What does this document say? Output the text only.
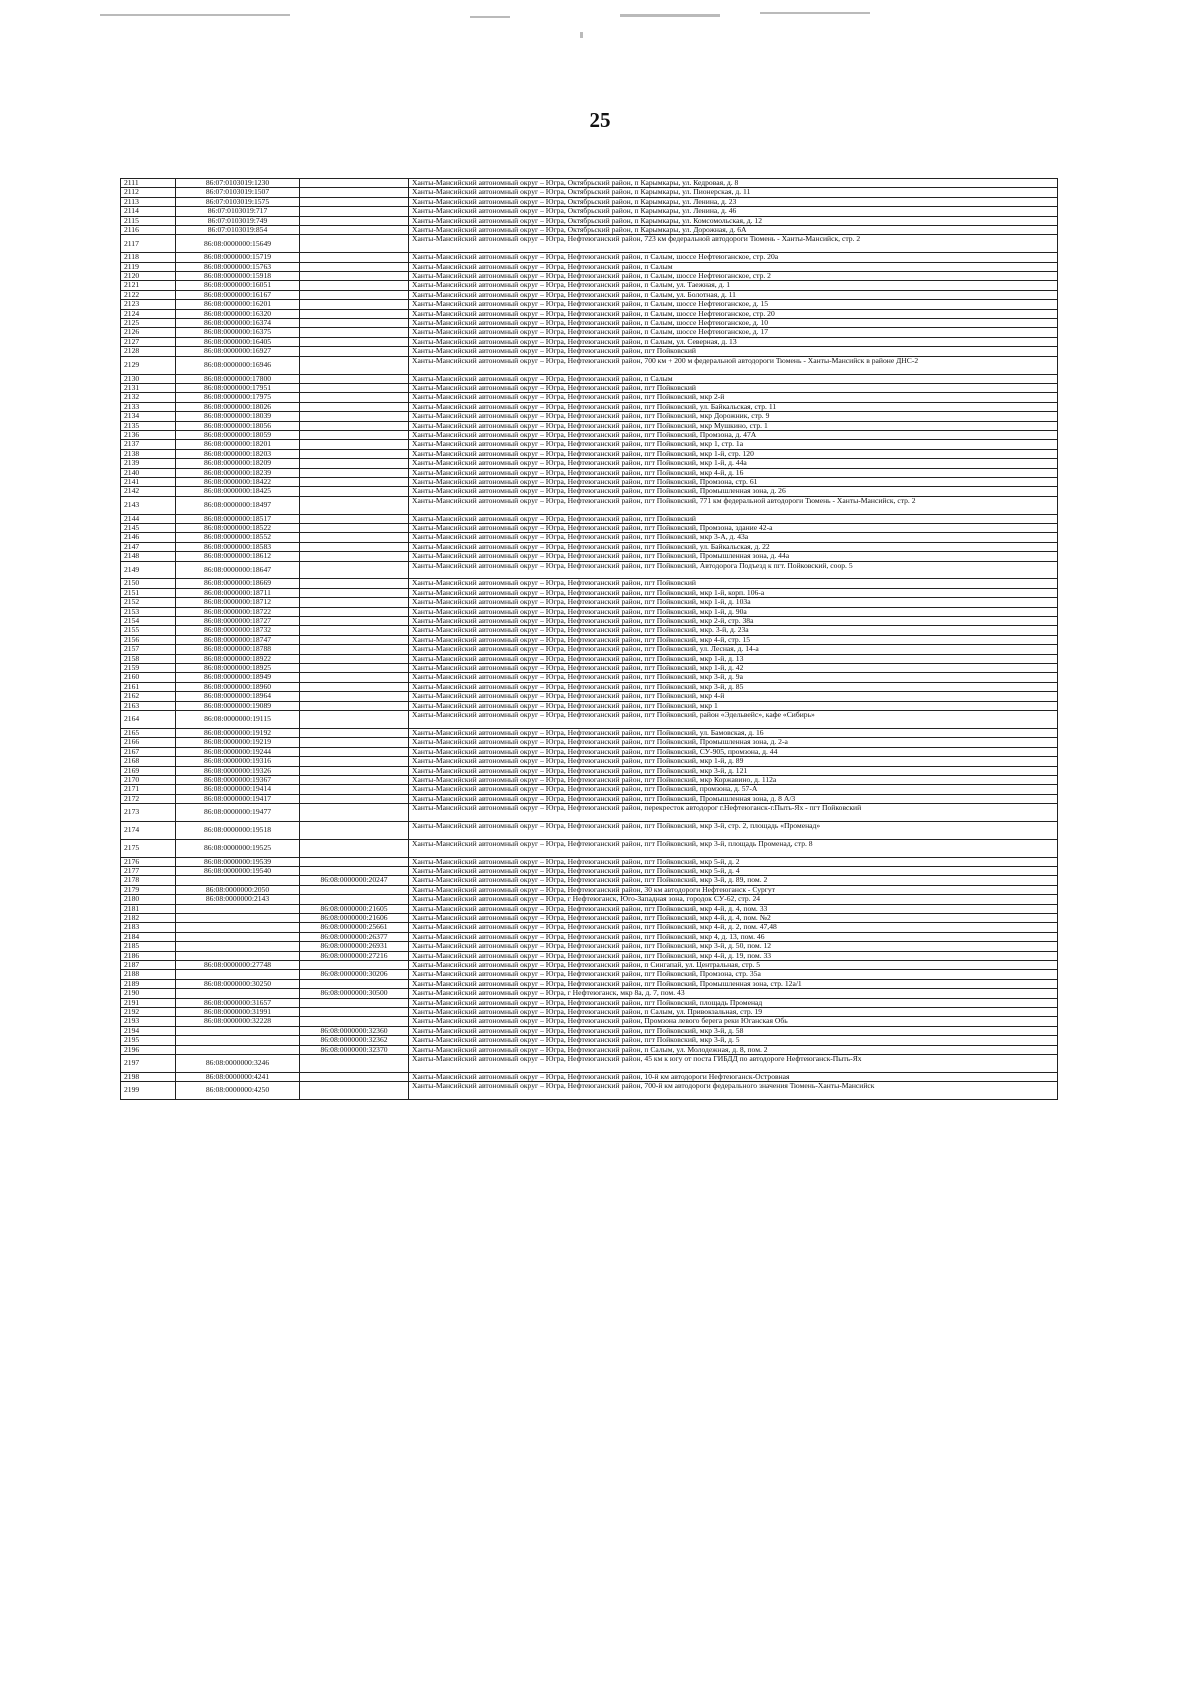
25
2111	86:07:0103019:1230		Ханты-Мансийский автономный округ – Югра, Октябрьский район, п Карымкары, ул. Кедровая, д. 8
2112	86:07:0103019:1507		Ханты-Мансийский автономный округ – Югра, Октябрьский район, п Карымкары, ул. Пионерская, д. 11
2113	86:07:0103019:1575		Ханты-Мансийский автономный округ – Югра, Октябрьский район, п Карымкары, ул. Ленина, д. 23
2114	86:07:0103019:717		Ханты-Мансийский автономный округ – Югра, Октябрьский район, п Карымкары, ул. Ленина, д. 46
2115	86:07:0103019:749		Ханты-Мансийский автономный округ – Югра, Октябрьский район, п Карымкары, ул. Комсомольская, д. 12
2116	86:07:0103019:854		Ханты-Мансийский автономный округ – Югра, Октябрьский район, п Карымкары, ул. Дорожная, д. 6А
2117	86:08:0000000:15649		Ханты-Мансийский автономный округ – Югра, Нефтеюганский район, 723 км федеральной автодороги Тюмень - Ханты-Мансийск, стр. 2
2118	86:08:0000000:15719		Ханты-Мансийский автономный округ – Югра, Нефтеюганский район, п Салым, шоссе Нефтеюганское, стр. 20а
2119	86:08:0000000:15763		Ханты-Мансийский автономный округ – Югра, Нефтеюганский район, п Салым
2120	86:08:0000000:15918		Ханты-Мансийский автономный округ – Югра, Нефтеюганский район, п Салым, шоссе Нефтеюганское, стр. 2
2121	86:08:0000000:16051		Ханты-Мансийский автономный округ – Югра, Нефтеюганский район, п Салым, ул. Таежная, д. 1
2122	86:08:0000000:16167		Ханты-Мансийский автономный округ – Югра, Нефтеюганский район, п Салым, ул. Болотная, д. 11
2123	86:08:0000000:16201		Ханты-Мансийский автономный округ – Югра, Нефтеюганский район, п Салым, шоссе Нефтеюганское, д. 15
2124	86:08:0000000:16320		Ханты-Мансийский автономный округ – Югра, Нефтеюганский район, п Салым, шоссе Нефтеюганское, стр. 20
2125	86:08:0000000:16374		Ханты-Мансийский автономный округ – Югра, Нефтеюганский район, п Салым, шоссе Нефтеюганское, д. 10
2126	86:08:0000000:16375		Ханты-Мансийский автономный округ – Югра, Нефтеюганский район, п Салым, шоссе Нефтеюганское, д. 17
2127	86:08:0000000:16405		Ханты-Мансийский автономный округ – Югра, Нефтеюганский район, п Салым, ул. Северная, д. 13
2128	86:08:0000000:16927		Ханты-Мансийский автономный округ – Югра, Нефтеюганский район, пгт Пойковский
2129	86:08:0000000:16946		Ханты-Мансийский автономный округ – Югра, Нефтеюганский район, 700 км + 200 м федеральной автодороги Тюмень - Ханты-Мансийск в районе ДНС-2
2130	86:08:0000000:17800		Ханты-Мансийский автономный округ – Югра, Нефтеюганский район, п Салым
2131	86:08:0000000:17951		Ханты-Мансийский автономный округ – Югра, Нефтеюганский район, пгт Пойковский
2132	86:08:0000000:17975		Ханты-Мансийский автономный округ – Югра, Нефтеюганский район, пгт Пойковский, мкр 2-й
2133	86:08:0000000:18026		Ханты-Мансийский автономный округ – Югра, Нефтеюганский район, пгт Пойковский, ул. Байкальская, стр. 11
2134	86:08:0000000:18039		Ханты-Мансийский автономный округ – Югра, Нефтеюганский район, пгт Пойковский, мкр Дорожник, стр. 9
2135	86:08:0000000:18056		Ханты-Мансийский автономный округ – Югра, Нефтеюганский район, пгт Пойковский, мкр Мушкино, стр. 1
2136	86:08:0000000:18059		Ханты-Мансийский автономный округ – Югра, Нефтеюганский район, пгт Пойковский, Промзона, д. 47А
2137	86:08:0000000:18201		Ханты-Мансийский автономный округ – Югра, Нефтеюганский район, пгт Пойковский, мкр 1, стр. 1а
2138	86:08:0000000:18203		Ханты-Мансийский автономный округ – Югра, Нефтеюганский район, пгт Пойковский, мкр 1-й, стр. 120
2139	86:08:0000000:18209		Ханты-Мансийский автономный округ – Югра, Нефтеюганский район, пгт Пойковский, мкр 1-й, д. 44а
2140	86:08:0000000:18239		Ханты-Мансийский автономный округ – Югра, Нефтеюганский район, пгт Пойковский, мкр 4-й, д. 16
2141	86:08:0000000:18422		Ханты-Мансийский автономный округ – Югра, Нефтеюганский район, пгт Пойковский, Промзона, стр. 61
2142	86:08:0000000:18425		Ханты-Мансийский автономный округ – Югра, Нефтеюганский район, пгт Пойковский, Промышленная зона, д. 26
2143	86:08:0000000:18497		Ханты-Мансийский автономный округ – Югра, Нефтеюганский район, пгт Пойковский, 771 км федеральной автодороги Тюмень - Ханты-Мансийск, стр. 2
2144	86:08:0000000:18517		Ханты-Мансийский автономный округ – Югра, Нефтеюганский район, пгт Пойковский
2145	86:08:0000000:18522		Ханты-Мансийский автономный округ – Югра, Нефтеюганский район, пгт Пойковский, Промзона, здание 42-а
2146	86:08:0000000:18552		Ханты-Мансийский автономный округ – Югра, Нефтеюганский район, пгт Пойковский, мкр 3-А, д. 43а
2147	86:08:0000000:18583		Ханты-Мансийский автономный округ – Югра, Нефтеюганский район, пгт Пойковский, ул. Байкальская, д. 22
2148	86:08:0000000:18612		Ханты-Мансийский автономный округ – Югра, Нефтеюганский район, пгт Пойковский, Промышленная зона, д. 44а
2149	86:08:0000000:18647		Ханты-Мансийский автономный округ – Югра, Нефтеюганский район, пгт Пойковский, Автодорога Подъезд к пгт. Пойковский, соор. 5
2150	86:08:0000000:18669		Ханты-Мансийский автономный округ – Югра, Нефтеюганский район, пгт Пойковский
2151	86:08:0000000:18711		Ханты-Мансийский автономный округ – Югра, Нефтеюганский район, пгт Пойковский, мкр 1-й, корп. 106-а
2152	86:08:0000000:18712		Ханты-Мансийский автономный округ – Югра, Нефтеюганский район, пгт Пойковский, мкр 1-й, д. 103а
2153	86:08:0000000:18722		Ханты-Мансийский автономный округ – Югра, Нефтеюганский район, пгт Пойковский, мкр 1-й, д. 90а
2154	86:08:0000000:18727		Ханты-Мансийский автономный округ – Югра, Нефтеюганский район, пгт Пойковский, мкр 2-й, стр. 38а
2155	86:08:0000000:18732		Ханты-Мансийский автономный округ – Югра, Нефтеюганский район, пгт Пойковский, мкр. 3-й, д. 23а
2156	86:08:0000000:18747		Ханты-Мансийский автономный округ – Югра, Нефтеюганский район, пгт Пойковский, мкр 4-й, стр. 15
2157	86:08:0000000:18788		Ханты-Мансийский автономный округ – Югра, Нефтеюганский район, пгт Пойковский, ул. Лесная, д. 14-а
2158	86:08:0000000:18922		Ханты-Мансийский автономный округ – Югра, Нефтеюганский район, пгт Пойковский, мкр 1-й, д. 13
2159	86:08:0000000:18925		Ханты-Мансийский автономный округ – Югра, Нефтеюганский район, пгт Пойковский, мкр 1-й, д. 42
2160	86:08:0000000:18949		Ханты-Мансийский автономный округ – Югра, Нефтеюганский район, пгт Пойковский, мкр 3-й, д. 9а
2161	86:08:0000000:18960		Ханты-Мансийский автономный округ – Югра, Нефтеюганский район, пгт Пойковский, мкр 3-й, д. 85
2162	86:08:0000000:18964		Ханты-Мансийский автономный округ – Югра, Нефтеюганский район, пгт Пойковский, мкр 4-й
2163	86:08:0000000:19089		Ханты-Мансийский автономный округ – Югра, Нефтеюганский район, пгт Пойковский, мкр 1
2164	86:08:0000000:19115		Ханты-Мансийский автономный округ – Югра, Нефтеюганский район, пгт Пойковский, район «Эдельвейс», кафе «Сибирь»
2165	86:08:0000000:19192		Ханты-Мансийский автономный округ – Югра, Нефтеюганский район, пгт Пойковский, ул. Бамовская, д. 16
2166	86:08:0000000:19219		Ханты-Мансийский автономный округ – Югра, Нефтеюганский район, пгт Пойковский, Промышленная зона, д. 2-а
2167	86:08:0000000:19244		Ханты-Мансийский автономный округ – Югра, Нефтеюганский район, пгт Пойковский, СУ-905, промзона, д. 44
2168	86:08:0000000:19316		Ханты-Мансийский автономный округ – Югра, Нефтеюганский район, пгт Пойковский, мкр 1-й, д. 89
2169	86:08:0000000:19326		Ханты-Мансийский автономный округ – Югра, Нефтеюганский район, пгт Пойковский, мкр 3-й, д. 121
2170	86:08:0000000:19367		Ханты-Мансийский автономный округ – Югра, Нефтеюганский район, пгт Пойковский, мкр Коржавино, д. 112а
2171	86:08:0000000:19414		Ханты-Мансийский автономный округ – Югра, Нефтеюганский район, пгт Пойковский, промзона, д. 57-А
2172	86:08:0000000:19417		Ханты-Мансийский автономный округ – Югра, Нефтеюганский район, пгт Пойковский, Промышленная зона, д. 8 А/3
2173	86:08:0000000:19477		Ханты-Мансийский автономный округ – Югра, Нефтеюганский район, перекресток автодорог г.Нефтеюганск-г.Пыть-Ях - пгт Пойковский
2174	86:08:0000000:19518		Ханты-Мансийский автономный округ – Югра, Нефтеюганский район, пгт Пойковский, мкр 3-й, стр. 2, площадь «Променад»
2175	86:08:0000000:19525		Ханты-Мансийский автономный округ – Югра, Нефтеюганский район, пгт Пойковский, мкр 3-й, площадь Променад, стр. 8
2176	86:08:0000000:19539		Ханты-Мансийский автономный округ – Югра, Нефтеюганский район, пгт Пойковский, мкр 5-й, д. 2
2177	86:08:0000000:19540		Ханты-Мансийский автономный округ – Югра, Нефтеюганский район, пгт Пойковский, мкр 5-й, д. 4
2178		86:08:0000000:20247	Ханты-Мансийский автономный округ – Югра, Нефтеюганский район, пгт Пойковский, мкр 3-й, д. 89, пом. 2
2179	86:08:0000000:2050		Ханты-Мансийский автономный округ – Югра, Нефтеюганский район, 30 км автодороги Нефтеюганск - Сургут
2180	86:08:0000000:2143		Ханты-Мансийский автономный округ – Югра, г Нефтеюганск, Юго-Западная зона, городок СУ-62, стр. 24
2181		86:08:0000000:21605	Ханты-Мансийский автономный округ – Югра, Нефтеюганский район, пгт Пойковский, мкр 4-й, д. 4, пом. 33
2182		86:08:0000000:21606	Ханты-Мансийский автономный округ – Югра, Нефтеюганский район, пгт Пойковский, мкр 4-й, д. 4, пом. №2
2183		86:08:0000000:25661	Ханты-Мансийский автономный округ – Югра, Нефтеюганский район, пгт Пойковский, мкр 4-й, д. 2, пом. 47,48
2184		86:08:0000000:26377	Ханты-Мансийский автономный округ – Югра, Нефтеюганский район, пгт Пойковский, мкр 4, д. 13, пом. 46
2185		86:08:0000000:26931	Ханты-Мансийский автономный округ – Югра, Нефтеюганский район, пгт Пойковский, мкр 3-й, д. 50, пом. 12
2186		86:08:0000000:27216	Ханты-Мансийский автономный округ – Югра, Нефтеюганский район, пгт Пойковский, мкр 4-й, д. 19, пом. 33
2187	86:08:0000000:27748		Ханты-Мансийский автономный округ – Югра, Нефтеюганский район, п Сингапай, ул. Центральная, стр. 5
2188		86:08:0000000:30206	Ханты-Мансийский автономный округ – Югра, Нефтеюганский район, пгт Пойковский, Промзона, стр. 35а
2189	86:08:0000000:30250		Ханты-Мансийский автономный округ – Югра, Нефтеюганский район, пгт Пойковский, Промышленная зона, стр. 12а/1
2190		86:08:0000000:30500	Ханты-Мансийский автономный округ – Югра, г Нефтеюганск, мкр 8а, д. 7, пом. 43
2191	86:08:0000000:31657		Ханты-Мансийский автономный округ – Югра, Нефтеюганский район, пгт Пойковский, площадь Променад
2192	86:08:0000000:31991		Ханты-Мансийский автономный округ – Югра, Нефтеюганский район, п Салым, ул. Привокзальная, стр. 19
2193	86:08:0000000:32228		Ханты-Мансийский автономный округ – Югра, Нефтеюганский район, Промзона левого берега реки Юганская Обь
2194		86:08:0000000:32360	Ханты-Мансийский автономный округ – Югра, Нефтеюганский район, пгт Пойковский, мкр 3-й, д. 58
2195		86:08:0000000:32362	Ханты-Мансийский автономный округ – Югра, Нефтеюганский район, пгт Пойковский, мкр 3-й, д. 5
2196		86:08:0000000:32370	Ханты-Мансийский автономный округ – Югра, Нефтеюганский район, п Салым, ул. Молодежная, д. 8, пом. 2
2197	86:08:0000000:3246		Ханты-Мансийский автономный округ – Югра, Нефтеюганский район, 45 км к югу от поста ГИБДД по автодороге Нефтеюганск-Пыть-Ях
2198	86:08:0000000:4241		Ханты-Мансийский автономный округ – Югра, Нефтеюганский район, 10-й км автодороги Нефтеюганск-Островная
2199	86:08:0000000:4250		Ханты-Мансийский автономный округ – Югра, Нефтеюганский район, 700-й км автодороги федерального значения Тюмень-Ханты-Мансийск
